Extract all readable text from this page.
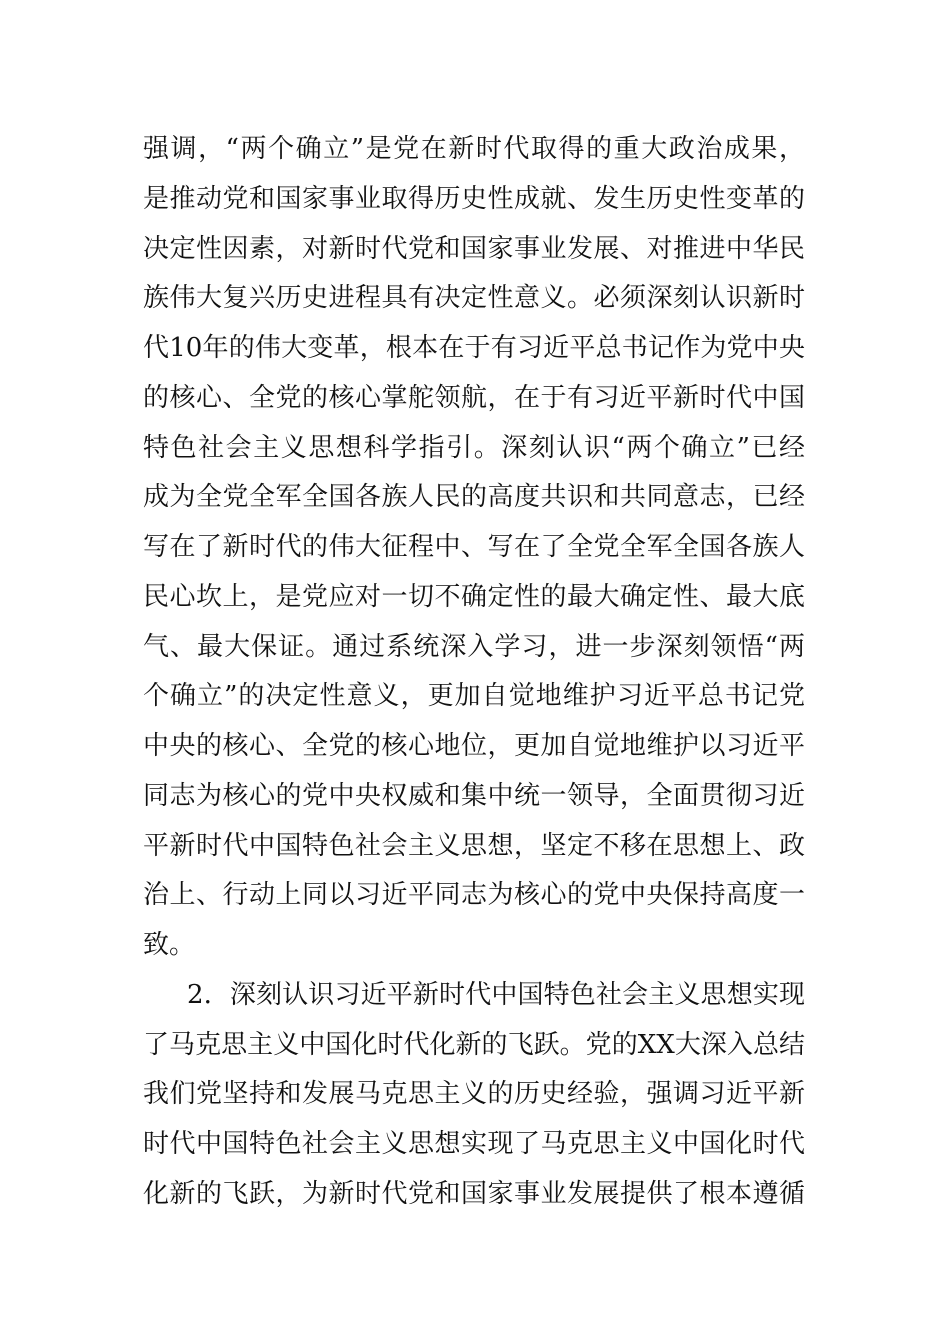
强调，“两个确立”是党在新时代取得的重大政治成果，
是推动党和国家事业取得历史性成就、发生历史性变革的
决定性因素，对新时代党和国家事业发展、对推进中华民
族伟大复兴历史进程具有决定性意义。必须深刻认识新时
代10年的伟大变革，根本在于有习近平总书记作为党中央
的核心、全党的核心掌舵领航，在于有习近平新时代中国
特色社会主义思想科学指引。深刻认识“两个确立”已经
成为全党全军全国各族人民的高度共识和共同意志，已经
写在了新时代的伟大征程中、写在了全党全军全国各族人
民心坎上，是党应对一切不确定性的最大确定性、最大底
气、最大保证。通过系统深入学习，进一步深刻领悟“两
个确立”的决定性意义，更加自觉地维护习近平总书记党
中央的核心、全党的核心地位，更加自觉地维护以习近平
同志为核心的党中央权威和集中统一领导，全面贯彻习近
平新时代中国特色社会主义思想，坚定不移在思想上、政
治上、行动上同以习近平同志为核心的党中央保持高度一
致。
2．深刻认识习近平新时代中国特色社会主义思想实现
了马克思主义中国化时代化新的飞跃。党的XX大深入总结
我们党坚持和发展马克思主义的历史经验，强调习近平新
时代中国特色社会主义思想实现了马克思主义中国化时代
化新的飞跃，为新时代党和国家事业发展提供了根本遵循
